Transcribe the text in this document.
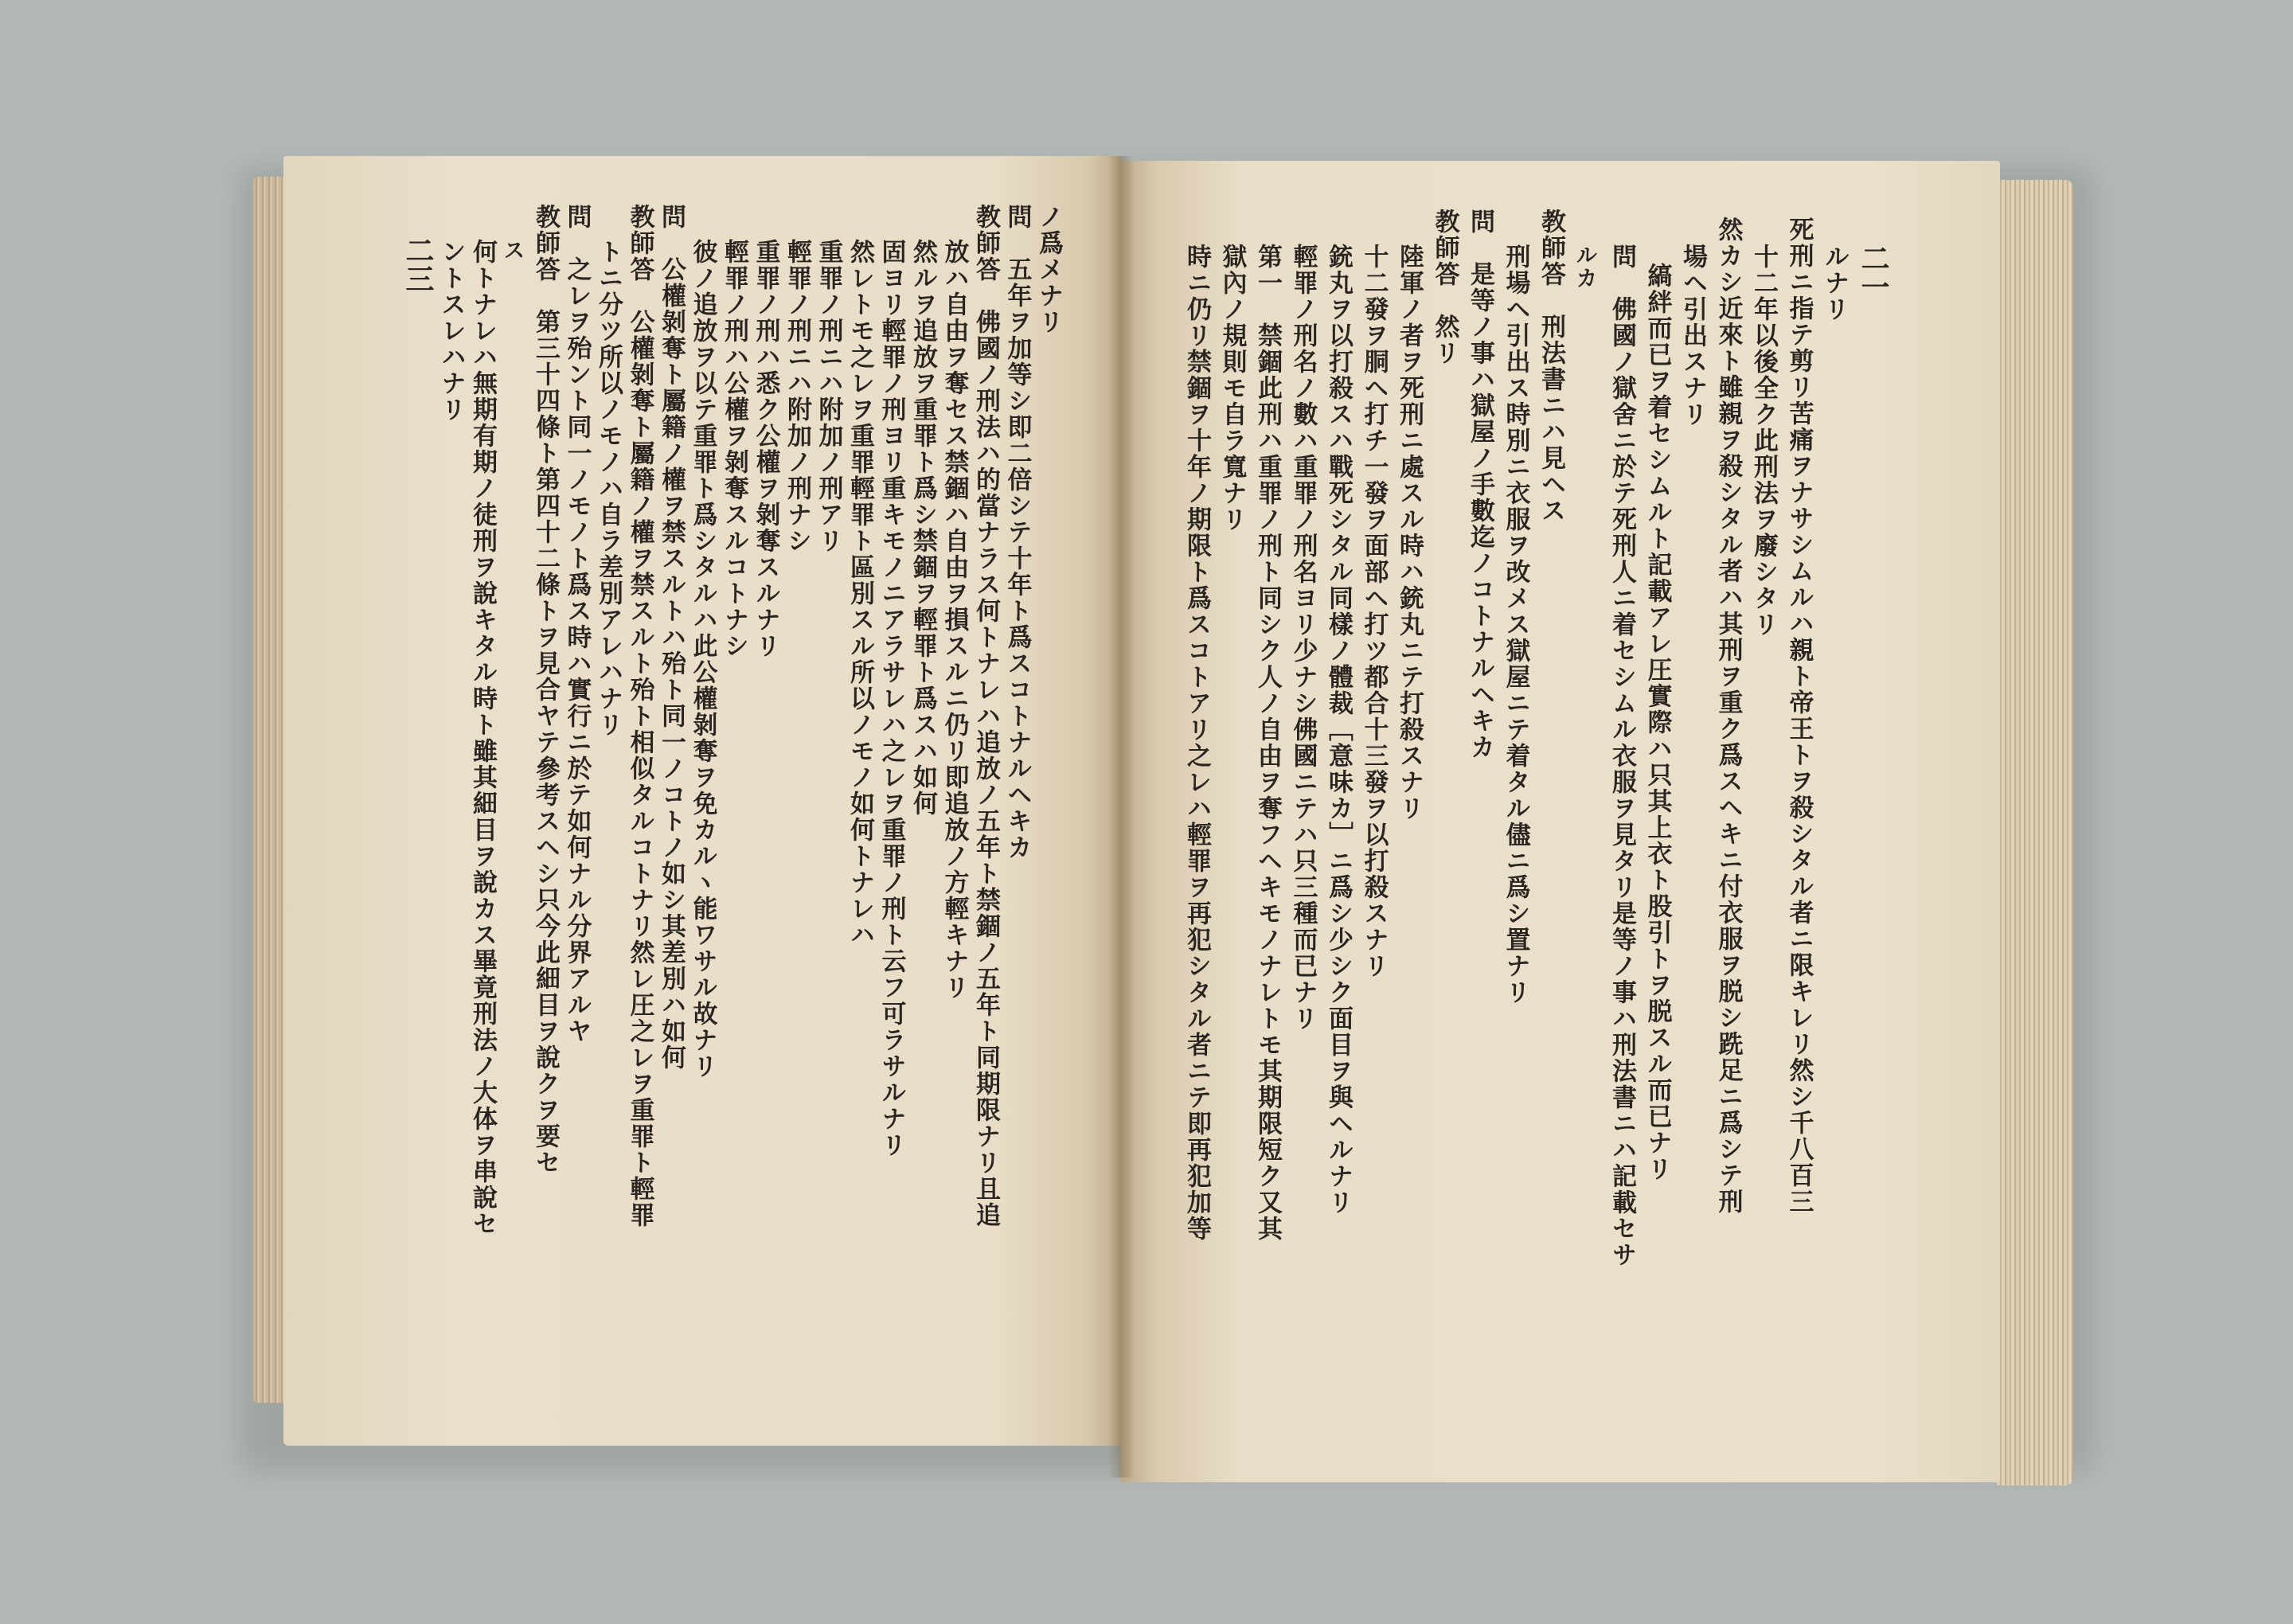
ノ爲メナリ
問　五年ヲ加等シ即二倍シテ十年ト爲スコトナルヘキカ
教師答　佛國ノ刑法ハ的當ナラス何トナレハ追放ノ五年ト禁錮ノ五年ト同期限ナリ且追
放ハ自由ヲ奪セス禁錮ハ自由ヲ損スルニ仍リ即追放ノ方輕キナリ
然ルヲ追放ヲ重罪ト爲シ禁錮ヲ輕罪ト爲スハ如何
固ヨリ輕罪ノ刑ヨリ重キモノニアラサレハ之レヲ重罪ノ刑ト云フ可ラサルナリ
然レトモ之レヲ重罪輕罪ト區別スル所以ノモノ如何トナレハ
重罪ノ刑ニハ附加ノ刑アリ
輕罪ノ刑ニハ附加ノ刑ナシ
重罪ノ刑ハ悉ク公權ヲ剝奪スルナリ
輕罪ノ刑ハ公權ヲ剝奪スルコトナシ
彼ノ追放ヲ以テ重罪ト爲シタルハ此公權剝奪ヲ免カルヽ能ワサル故ナリ
問　公權剝奪ト屬籍ノ權ヲ禁スルトハ殆ト同一ノコトノ如シ其差別ハ如何
教師答　公權剝奪ト屬籍ノ權ヲ禁スルト殆ト相似タルコトナリ然レ圧之レヲ重罪ト輕罪
トニ分ツ所以ノモノハ自ラ差別アレハナリ
問　之レヲ殆ント同一ノモノト爲ス時ハ實行ニ於テ如何ナル分界アルヤ
教師答　第三十四條ト第四十二條トヲ見合ヤテ參考スヘシ只今此細目ヲ說クヲ要セ
ス
何トナレハ無期有期ノ徒刑ヲ說キタル時ト雖其細目ヲ說カス畢竟刑法ノ大体ヲ串說セ
ントスレハナリ
二三	ルナリ
死刑ニ指テ剪リ苦痛ヲナサシムルハ親ト帝王トヲ殺シタル者ニ限キレリ然シ千八百三
十二年以後全ク此刑法ヲ廢シタリ
然カシ近來ト雖親ヲ殺シタル者ハ其刑ヲ重ク爲スヘキニ付衣服ヲ脱シ跣足ニ爲シテ刑
場ヘ引出スナリ
縞絆而已ヲ着セシムルト記載アレ圧實際ハ只其上衣ト股引トヲ脱スル而已ナリ
問　佛國ノ獄舍ニ於テ死刑人ニ着セシムル衣服ヲ見タリ是等ノ事ハ刑法書ニハ記載セサ
ルカ
教師答　刑法書ニハ見ヘス
刑場ヘ引出ス時別ニ衣服ヲ改メス獄屋ニテ着タル儘ニ爲シ置ナリ
問　是等ノ事ハ獄屋ノ手數迄ノコトナルヘキカ
教師答　然リ
陸軍ノ者ヲ死刑ニ處スル時ハ銃丸ニテ打殺スナリ
十二發ヲ胴ヘ打チ一發ヲ面部ヘ打ツ都合十三發ヲ以打殺スナリ
銃丸ヲ以打殺スハ戰死シタル同樣ノ體裁［意味カ］ニ爲シ少シク面目ヲ與ヘルナリ
輕罪ノ刑名ノ數ハ重罪ノ刑名ヨリ少ナシ佛國ニテハ只三種而已ナリ
第一　禁錮此刑ハ重罪ノ刑ト同シク人ノ自由ヲ奪フヘキモノナレトモ其期限短ク又其
獄內ノ規則モ自ラ寬ナリ
時ニ仍リ禁錮ヲ十年ノ期限ト爲スコトアリ之レハ輕罪ヲ再犯シタル者ニテ即再犯加等	二一
